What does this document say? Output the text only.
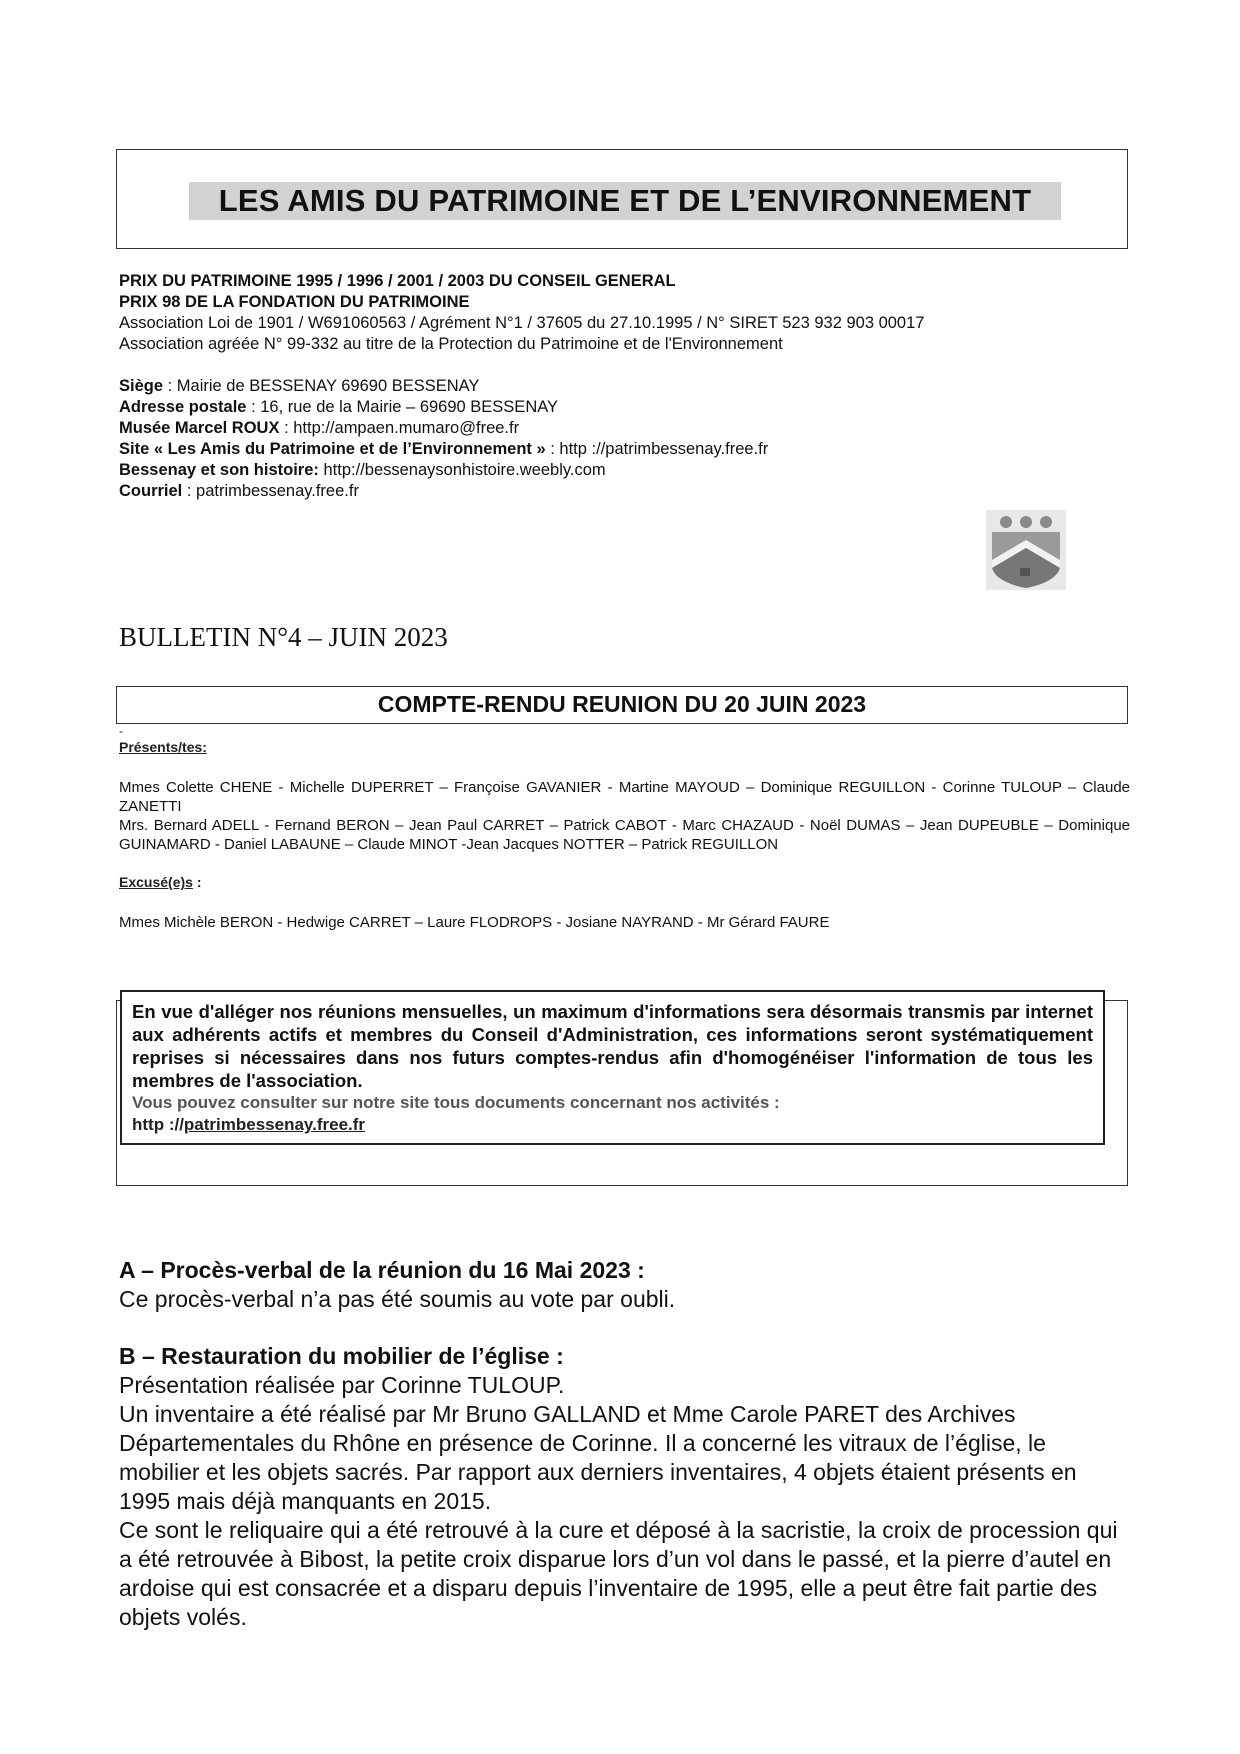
LES AMIS DU PATRIMOINE ET DE L’ENVIRONNEMENT
PRIX DU PATRIMOINE 1995 / 1996 / 2001 / 2003 DU CONSEIL GENERAL
PRIX 98 DE LA FONDATION DU PATRIMOINE
Association Loi de 1901 / W691060563 / Agrément N°1 / 37605 du 27.10.1995 / N° SIRET 523 932 903 00017
Association agréée N° 99-332 au titre de la Protection du Patrimoine et de l'Environnement
Siège : Mairie de BESSENAY 69690 BESSENAY
Adresse postale : 16, rue de la Mairie – 69690 BESSENAY
Musée Marcel ROUX : http://ampaen.mumaro@free.fr
Site « Les Amis du Patrimoine et de l’Environnement » : http ://patrimbessenay.free.fr
Bessenay et son histoire: http://bessenaysonhistoire.weebly.com
Courriel : patrimbessenay.free.fr
BULLETIN N°4 – JUIN 2023
COMPTE-RENDU REUNION DU 20 JUIN 2023
-
Présents/tes:
Mmes Colette CHENE - Michelle DUPERRET – Françoise GAVANIER - Martine MAYOUD – Dominique REGUILLON - Corinne TULOUP – Claude ZANETTI
Mrs. Bernard ADELL - Fernand BERON – Jean Paul CARRET – Patrick CABOT - Marc CHAZAUD - Noël DUMAS – Jean DUPEUBLE – Dominique GUINAMARD - Daniel LABAUNE – Claude MINOT -Jean Jacques NOTTER – Patrick REGUILLON
Excusé(e)s :
Mmes Michèle BERON - Hedwige CARRET – Laure FLODROPS - Josiane NAYRAND - Mr Gérard FAURE
En vue d'alléger nos réunions mensuelles, un maximum d'informations sera désormais transmis par internet aux adhérents actifs et membres du Conseil d'Administration, ces informations seront systématiquement reprises si nécessaires dans nos futurs comptes-rendus afin d'homogénéiser l'information de tous les membres de l'association.
Vous pouvez consulter sur notre site tous documents concernant nos activités :
http ://patrimbessenay.free.fr
A – Procès-verbal de la réunion du 16 Mai 2023 :
Ce procès-verbal n’a pas été soumis au vote par oubli.
B – Restauration du mobilier de l’église :
Présentation réalisée par Corinne TULOUP.
Un inventaire a été réalisé par Mr Bruno GALLAND et Mme Carole PARET des Archives Départementales du Rhône en présence de Corinne. Il a concerné les vitraux de l’église, le mobilier et les objets sacrés. Par rapport aux derniers inventaires, 4 objets étaient présents en 1995 mais déjà manquants en 2015.
Ce sont le reliquaire qui a été retrouvé à la cure et déposé à la sacristie, la croix de procession qui a été retrouvée à Bibost, la petite croix disparue lors d’un vol dans le passé, et la pierre d’autel en ardoise qui est consacrée et a disparu depuis l’inventaire de 1995, elle a peut être fait partie des objets volés.
